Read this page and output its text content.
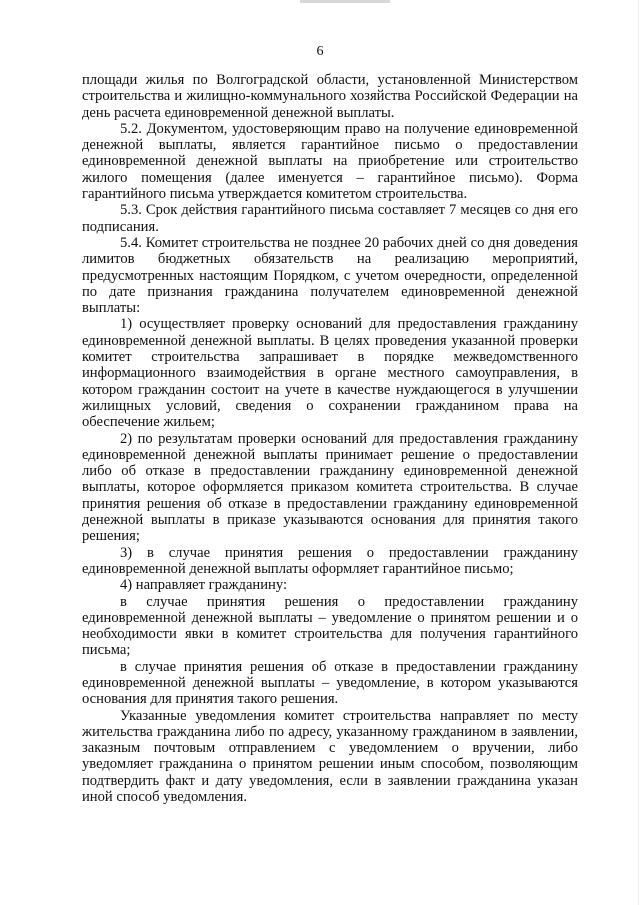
6

площади жилья по Волгоградской области, установленной Министерством строительства и жилищно-коммунального хозяйства Российской Федерации на день расчета единовременной денежной выплаты.

5.2. Документом, удостоверяющим право на получение единовременной денежной выплаты, является гарантийное письмо о предоставлении единовременной денежной выплаты на приобретение или строительство жилого помещения (далее именуется – гарантийное письмо). Форма гарантийного письма утверждается комитетом строительства.

5.3. Срок действия гарантийного письма составляет 7 месяцев со дня его подписания.

5.4. Комитет строительства не позднее 20 рабочих дней со дня доведения лимитов бюджетных обязательств на реализацию мероприятий, предусмотренных настоящим Порядком, с учетом очередности, определенной по дате признания гражданина получателем единовременной денежной выплаты:

1) осуществляет проверку оснований для предоставления гражданину единовременной денежной выплаты. В целях проведения указанной проверки комитет строительства запрашивает в порядке межведомственного информационного взаимодействия в органе местного самоуправления, в котором гражданин состоит на учете в качестве нуждающегося в улучшении жилищных условий, сведения о сохранении гражданином права на обеспечение жильем;

2) по результатам проверки оснований для предоставления гражданину единовременной денежной выплаты принимает решение о предоставлении либо об отказе в предоставлении гражданину единовременной денежной выплаты, которое оформляется приказом комитета строительства. В случае принятия решения об отказе в предоставлении гражданину единовременной денежной выплаты в приказе указываются основания для принятия такого решения;

3) в случае принятия решения о предоставлении гражданину единовременной денежной выплаты оформляет гарантийное письмо;

4) направляет гражданину:

в случае принятия решения о предоставлении гражданину единовременной денежной выплаты – уведомление о принятом решении и о необходимости явки в комитет строительства для получения гарантийного письма;

в случае принятия решения об отказе в предоставлении гражданину единовременной денежной выплаты – уведомление, в котором указываются основания для принятия такого решения.

Указанные уведомления комитет строительства направляет по месту жительства гражданина либо по адресу, указанному гражданином в заявлении, заказным почтовым отправлением с уведомлением о вручении, либо уведомляет гражданина о принятом решении иным способом, позволяющим подтвердить факт и дату уведомления, если в заявлении гражданина указан иной способ уведомления.
